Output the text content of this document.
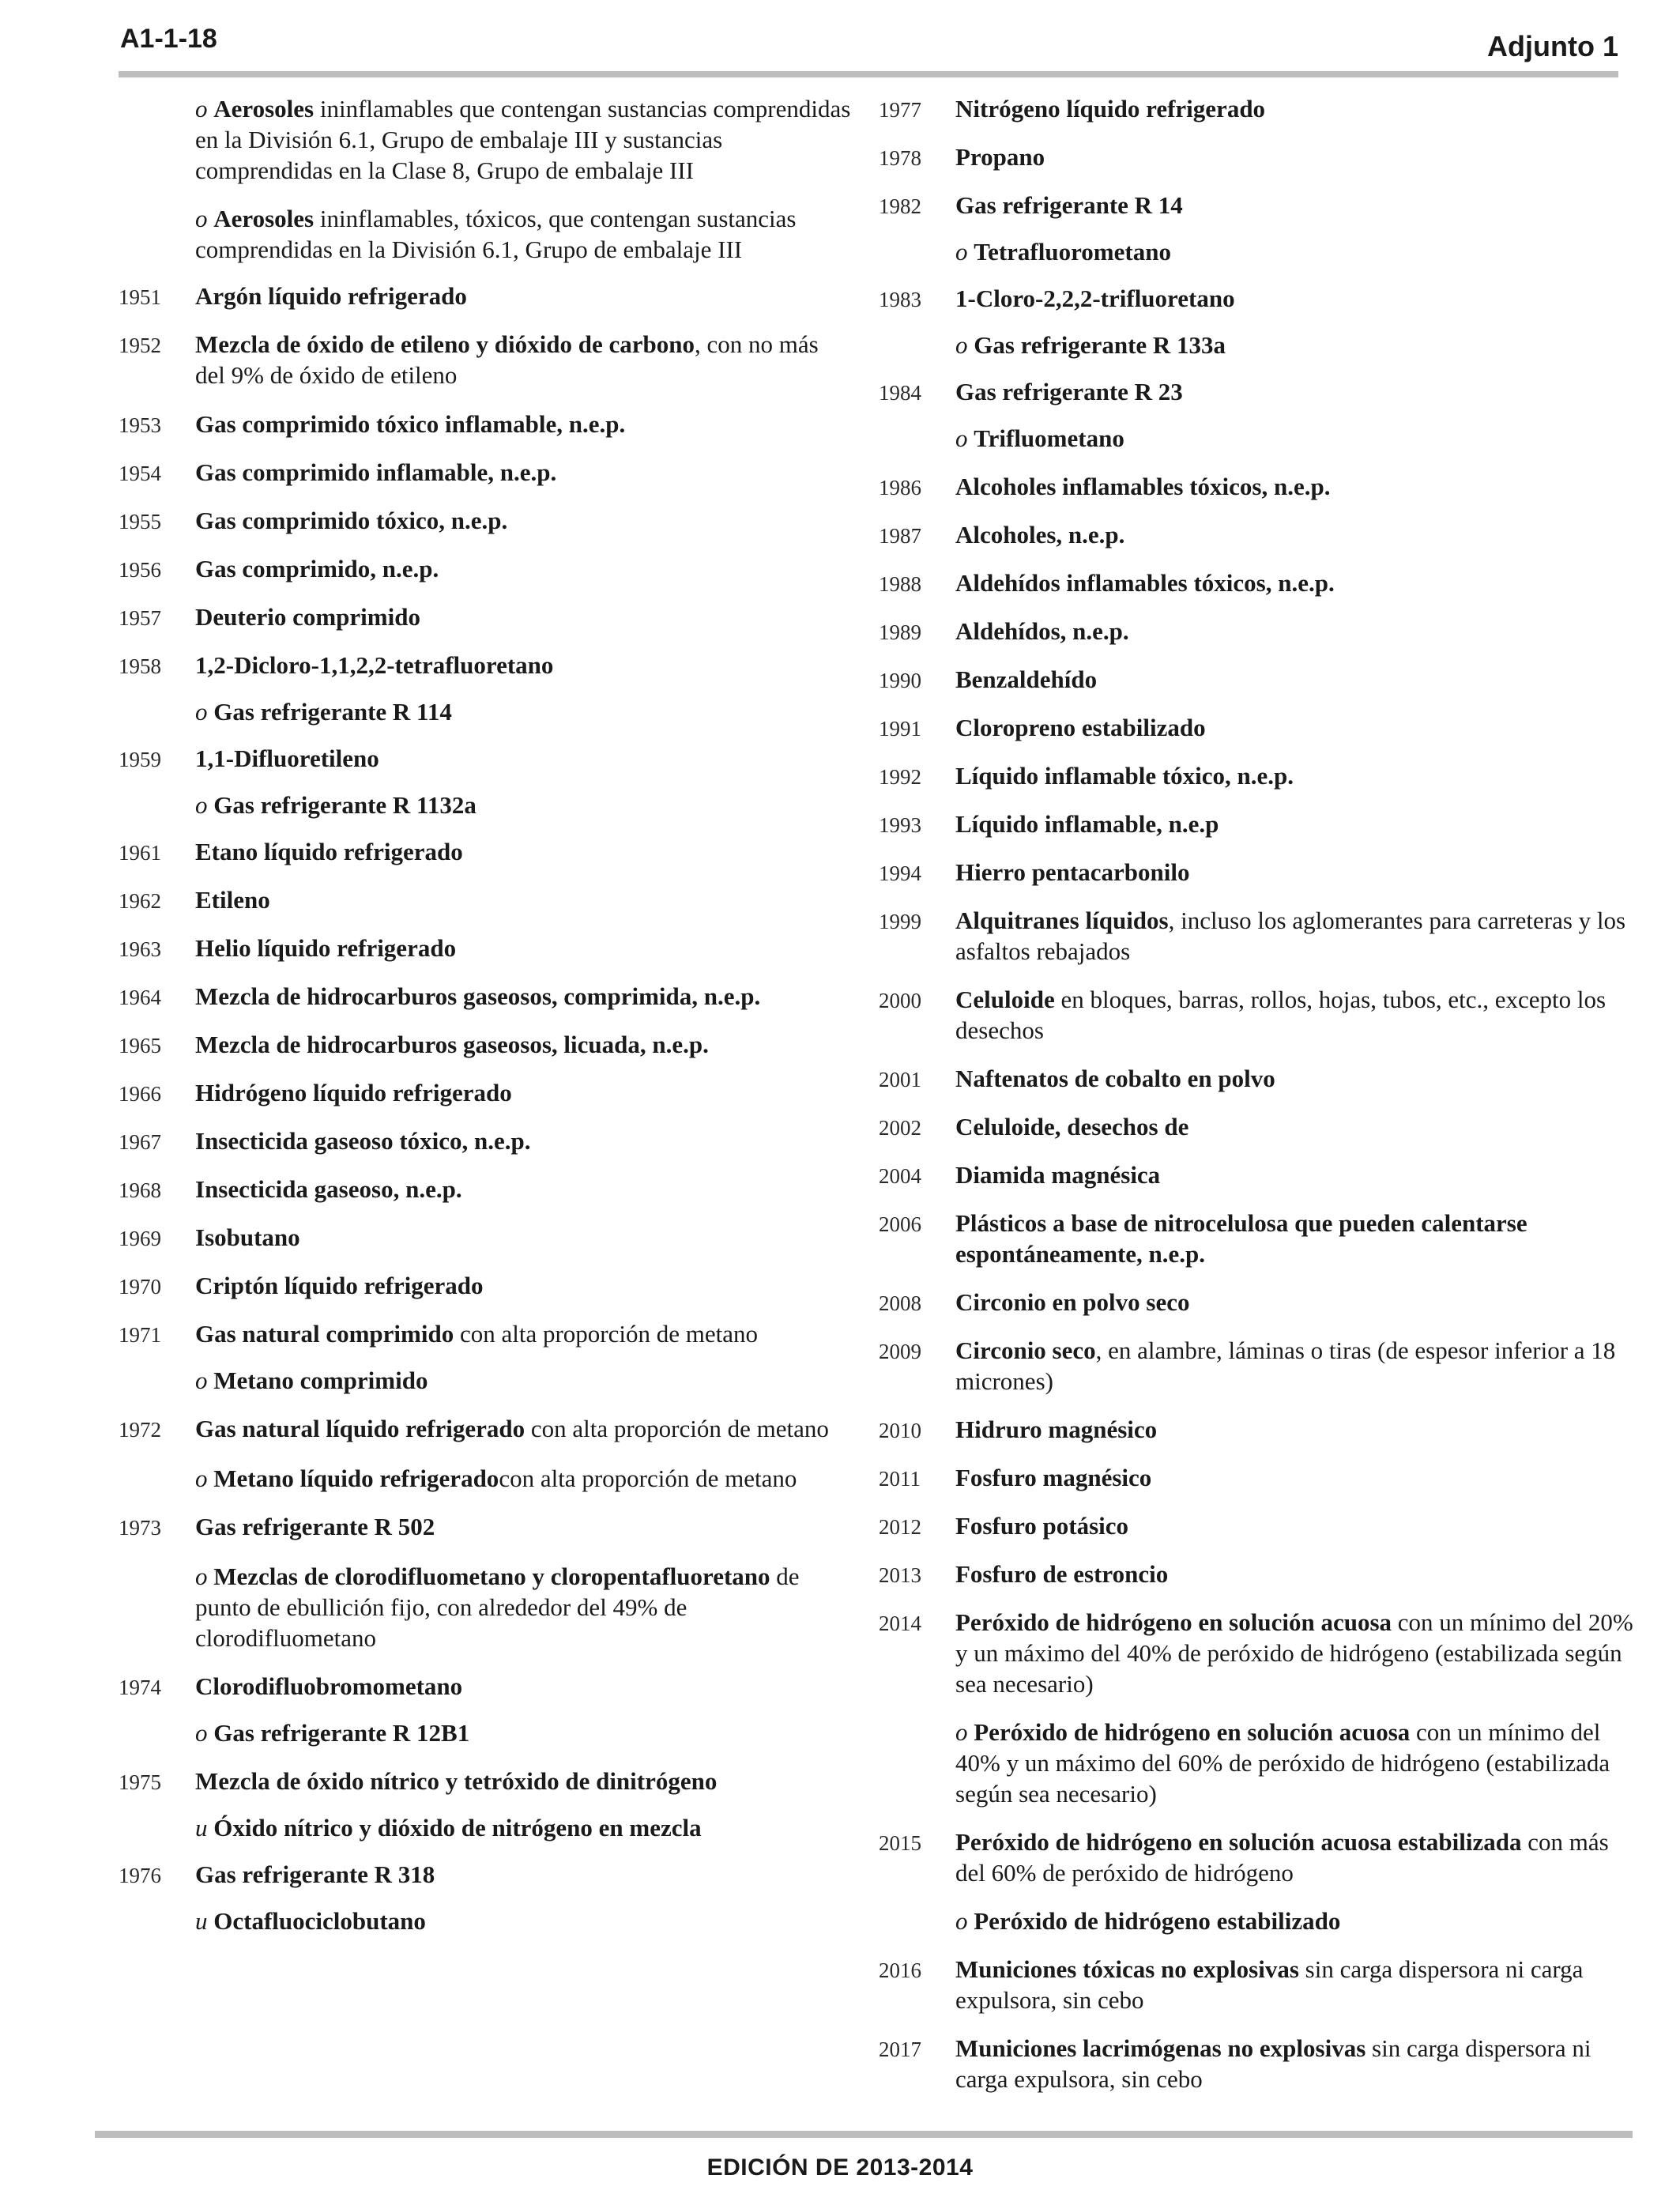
A1-1-18	Adjunto 1
o Aerosoles ininflamables que contengan sustancias comprendidas en la División 6.1, Grupo de embalaje III y sustancias comprendidas en la Clase 8, Grupo de embalaje III
o Aerosoles ininflamables, tóxicos, que contengan sustancias comprendidas en la División 6.1, Grupo de embalaje III
1951	Argón líquido refrigerado
1952	Mezcla de óxido de etileno y dióxido de carbono, con no más del 9% de óxido de etileno
1953	Gas comprimido tóxico inflamable, n.e.p.
1954	Gas comprimido inflamable, n.e.p.
1955	Gas comprimido tóxico, n.e.p.
1956	Gas comprimido, n.e.p.
1957	Deuterio comprimido
1958	1,2-Dicloro-1,1,2,2-tetrafluoretano
o Gas refrigerante R 114
1959	1,1-Difluoretileno
o Gas refrigerante R 1132a
1961	Etano líquido refrigerado
1962	Etileno
1963	Helio líquido refrigerado
1964	Mezcla de hidrocarburos gaseosos, comprimida, n.e.p.
1965	Mezcla de hidrocarburos gaseosos, licuada, n.e.p.
1966	Hidrógeno líquido refrigerado
1967	Insecticida gaseoso tóxico, n.e.p.
1968	Insecticida gaseoso, n.e.p.
1969	Isobutano
1970	Criptón líquido refrigerado
1971	Gas natural comprimido con alta proporción de metano
o Metano comprimido
1972	Gas natural líquido refrigerado con alta proporción de metano
o Metano líquido refrigeradocon alta proporción de metano
1973	Gas refrigerante R 502
o Mezclas de clorodifluometano y cloropentafluoretano de punto de ebullición fijo, con alrededor del 49% de clorodifluometano
1974	Clorodifluobromometano
o Gas refrigerante R 12B1
1975	Mezcla de óxido nítrico y tetróxido de dinitrógeno
u Óxido nítrico y dióxido de nitrógeno en mezcla
1976	Gas refrigerante R 318
u Octafluociclobutano
1977	Nitrógeno líquido refrigerado
1978	Propano
1982	Gas refrigerante R 14
o Tetrafluorometano
1983	1-Cloro-2,2,2-trifluoretano
o Gas refrigerante R 133a
1984	Gas refrigerante R 23
o Trifluometano
1986	Alcoholes inflamables tóxicos, n.e.p.
1987	Alcoholes, n.e.p.
1988	Aldehídos inflamables tóxicos, n.e.p.
1989	Aldehídos, n.e.p.
1990	Benzaldehído
1991	Cloropreno estabilizado
1992	Líquido inflamable tóxico, n.e.p.
1993	Líquido inflamable, n.e.p
1994	Hierro pentacarbonilo
1999	Alquitranes líquidos, incluso los aglomerantes para carreteras y los asfaltos rebajados
2000	Celuloide en bloques, barras, rollos, hojas, tubos, etc., excepto los desechos
2001	Naftenatos de cobalto en polvo
2002	Celuloide, desechos de
2004	Diamida magnésica
2006	Plásticos a base de nitrocelulosa que pueden calentarse espontáneamente, n.e.p.
2008	Circonio en polvo seco
2009	Circonio seco, en alambre, láminas o tiras (de espesor inferior a 18 micrones)
2010	Hidruro magnésico
2011	Fosfuro magnésico
2012	Fosfuro potásico
2013	Fosfuro de estroncio
2014	Peróxido de hidrógeno en solución acuosa con un mínimo del 20% y un máximo del 40% de peróxido de hidrógeno (estabilizada según sea necesario)
o Peróxido de hidrógeno en solución acuosa con un mínimo del 40% y un máximo del 60% de peróxido de hidrógeno (estabilizada según sea necesario)
2015	Peróxido de hidrógeno en solución acuosa estabilizada con más del 60% de peróxido de hidrógeno
o Peróxido de hidrógeno estabilizado
2016	Municiones tóxicas no explosivas sin carga dispersora ni carga expulsora, sin cebo
2017	Municiones lacrimógenas no explosivas sin carga dispersora ni carga expulsora, sin cebo
EDICIÓN DE 2013-2014
